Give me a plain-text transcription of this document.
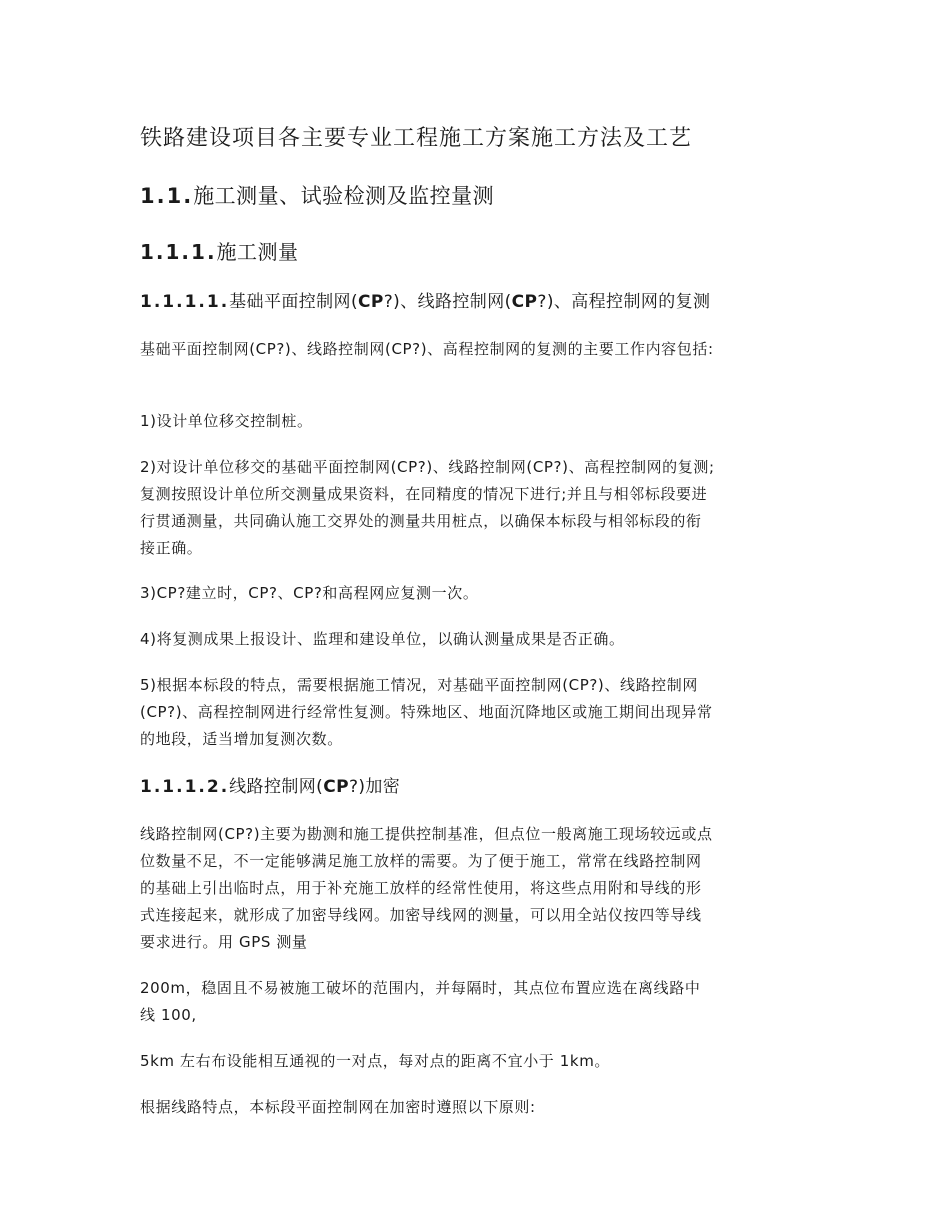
铁路建设项目各主要专业工程施工方案施工方法及工艺
1.1.施工测量、试验检测及监控量测
1.1.1.施工测量
1.1.1.1.基础平面控制网(CP?)、线路控制网(CP?)、高程控制网的复测

基础平面控制网(CP?)、线路控制网(CP?)、高程控制网的复测的主要工作内容包括:

1)设计单位移交控制桩。

2)对设计单位移交的基础平面控制网(CP?)、线路控制网(CP?)、高程控制网的复测;
复测按照设计单位所交测量成果资料，在同精度的情况下进行;并且与相邻标段要进
行贯通测量，共同确认施工交界处的测量共用桩点，以确保本标段与相邻标段的衔
接正确。

3)CP?建立时，CP?、CP?和高程网应复测一次。

4)将复测成果上报设计、监理和建设单位，以确认测量成果是否正确。

5)根据本标段的特点，需要根据施工情况，对基础平面控制网(CP?)、线路控制网
(CP?)、高程控制网进行经常性复测。特殊地区、地面沉降地区或施工期间出现异常
的地段，适当增加复测次数。

1.1.1.2.线路控制网(CP?)加密

线路控制网(CP?)主要为勘测和施工提供控制基准，但点位一般离施工现场较远或点
位数量不足，不一定能够满足施工放样的需要。为了便于施工，常常在线路控制网
的基础上引出临时点，用于补充施工放样的经常性使用，将这些点用附和导线的形
式连接起来，就形成了加密导线网。加密导线网的测量，可以用全站仪按四等导线
要求进行。用 GPS 测量

200m，稳固且不易被施工破坏的范围内，并每隔时，其点位布置应选在离线路中
线 100,

5km 左右布设能相互通视的一对点，每对点的距离不宜小于 1km。

根据线路特点，本标段平面控制网在加密时遵照以下原则:
